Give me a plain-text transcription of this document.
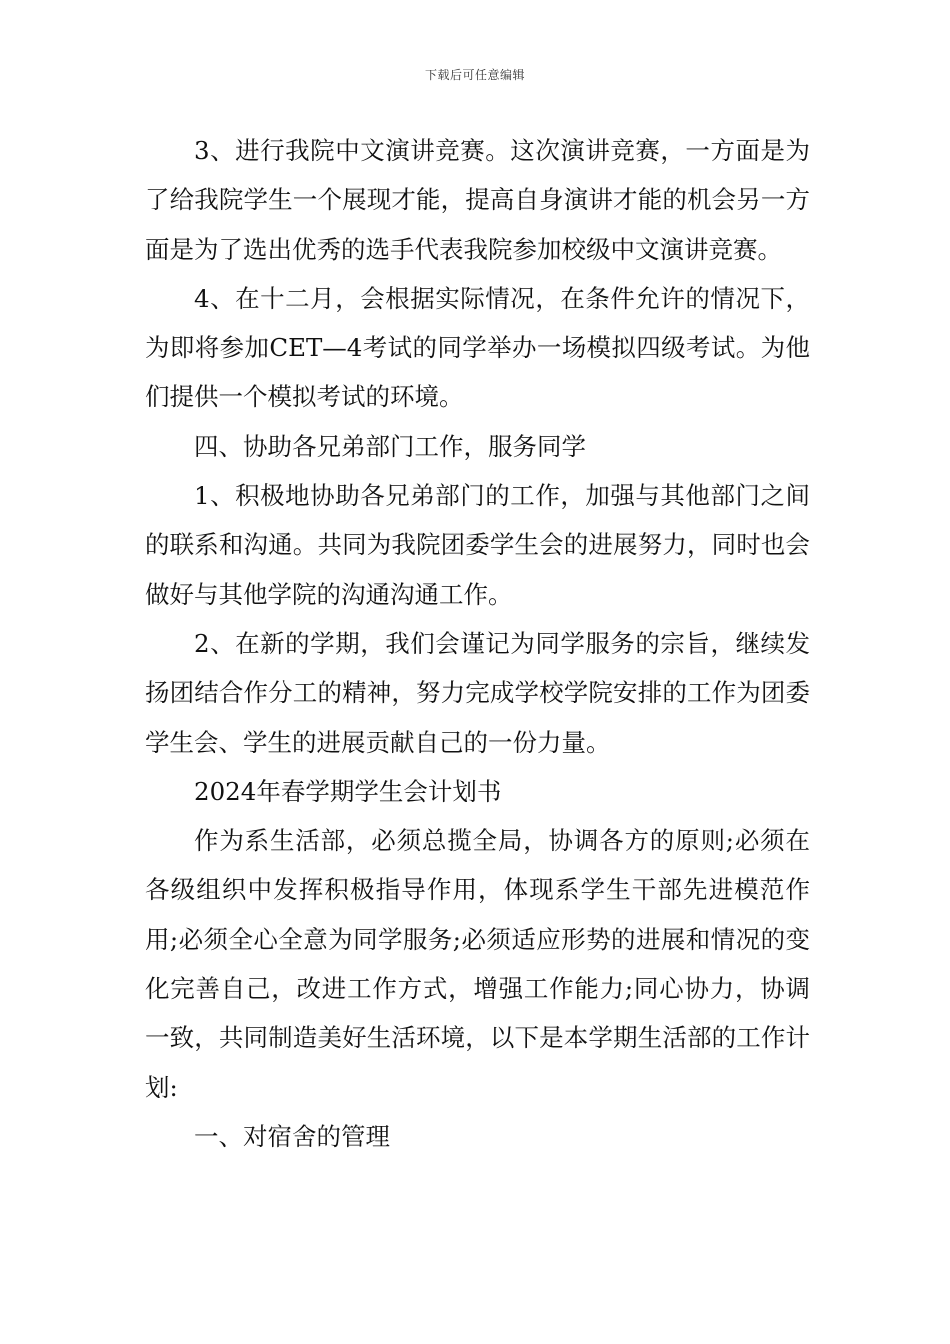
下载后可任意编辑

3、进行我院中文演讲竞赛。这次演讲竞赛，一方面是为了给我院学生一个展现才能，提高自身演讲才能的机会另一方面是为了选出优秀的选手代表我院参加校级中文演讲竞赛。

4、在十二月，会根据实际情况，在条件允许的情况下，为即将参加CET—4考试的同学举办一场模拟四级考试。为他们提供一个模拟考试的环境。

四、协助各兄弟部门工作，服务同学

1、积极地协助各兄弟部门的工作，加强与其他部门之间的联系和沟通。共同为我院团委学生会的进展努力，同时也会做好与其他学院的沟通沟通工作。

2、在新的学期，我们会谨记为同学服务的宗旨，继续发扬团结合作分工的精神，努力完成学校学院安排的工作为团委学生会、学生的进展贡献自己的一份力量。

2024年春学期学生会计划书

作为系生活部，必须总揽全局，协调各方的原则;必须在各级组织中发挥积极指导作用，体现系学生干部先进模范作用;必须全心全意为同学服务;必须适应形势的进展和情况的变化完善自己，改进工作方式，增强工作能力;同心协力，协调一致，共同制造美好生活环境，以下是本学期生活部的工作计划:

一、对宿舍的管理
